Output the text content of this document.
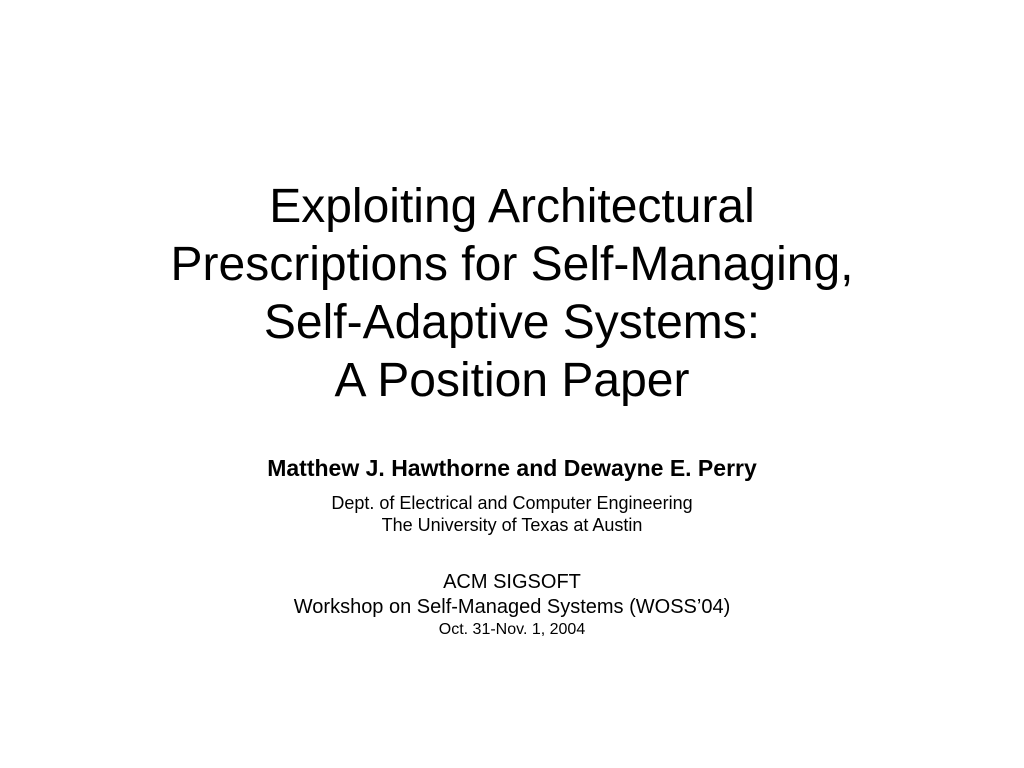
Exploiting Architectural
Prescriptions for Self-Managing,
Self-Adaptive Systems:
A Position Paper
Matthew J. Hawthorne and Dewayne E. Perry
Dept. of Electrical and Computer Engineering
The University of Texas at Austin
ACM SIGSOFT
Workshop on Self-Managed Systems (WOSS’04)
Oct. 31-Nov. 1, 2004
